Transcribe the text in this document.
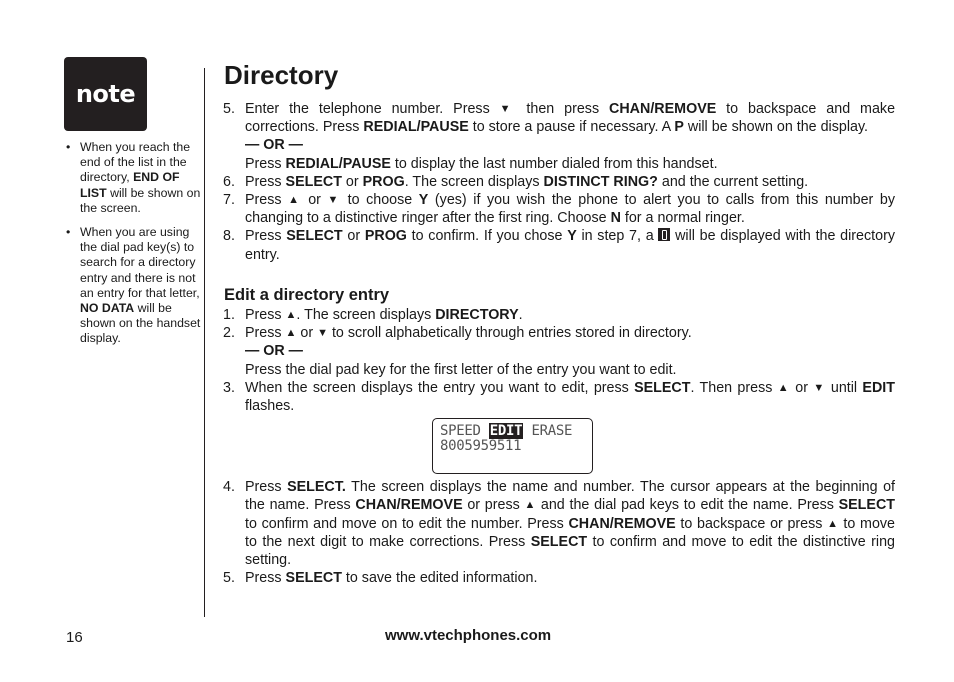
note
• When you reach the end of the list in the directory, END OF LIST will be shown on the screen.
• When you are using the dial pad key(s) to search for a directory entry and there is not an entry for that letter, NO DATA will be shown on the handset display.
Directory
5. Enter the telephone number. Press ▼ then press CHAN/REMOVE to backspace and make corrections. Press REDIAL/PAUSE to store a pause if necessary. A P will be shown on the display.
— OR —
Press REDIAL/PAUSE to display the last number dialed from this handset.
6. Press SELECT or PROG. The screen displays DISTINCT RING? and the current setting.
7. Press ▲ or ▼ to choose Y (yes) if you wish the phone to alert you to calls from this number by changing to a distinctive ringer after the first ring. Choose N for a normal ringer.
8. Press SELECT or PROG to confirm. If you chose Y in step 7, a  will be displayed with the directory entry.
Edit a directory entry
1. Press ▲. The screen displays DIRECTORY.
2. Press ▲ or ▼ to scroll alphabetically through entries stored in directory.
— OR —
Press the dial pad key for the first letter of the entry you want to edit.
3. When the screen displays the entry you want to edit, press SELECT. Then press ▲ or ▼ until EDIT flashes.
SPEED EDIT ERASE
8005959511
4. Press SELECT. The screen displays the name and number. The cursor appears at the beginning of the name. Press CHAN/REMOVE or press ▲ and the dial pad keys to edit the name. Press SELECT to confirm and move on to edit the number. Press CHAN/REMOVE to backspace or press ▲ to move to the next digit to make corrections. Press SELECT to confirm and move to edit the distinctive ring setting.
5. Press SELECT to save the edited information.
16	www.vtechphones.com
